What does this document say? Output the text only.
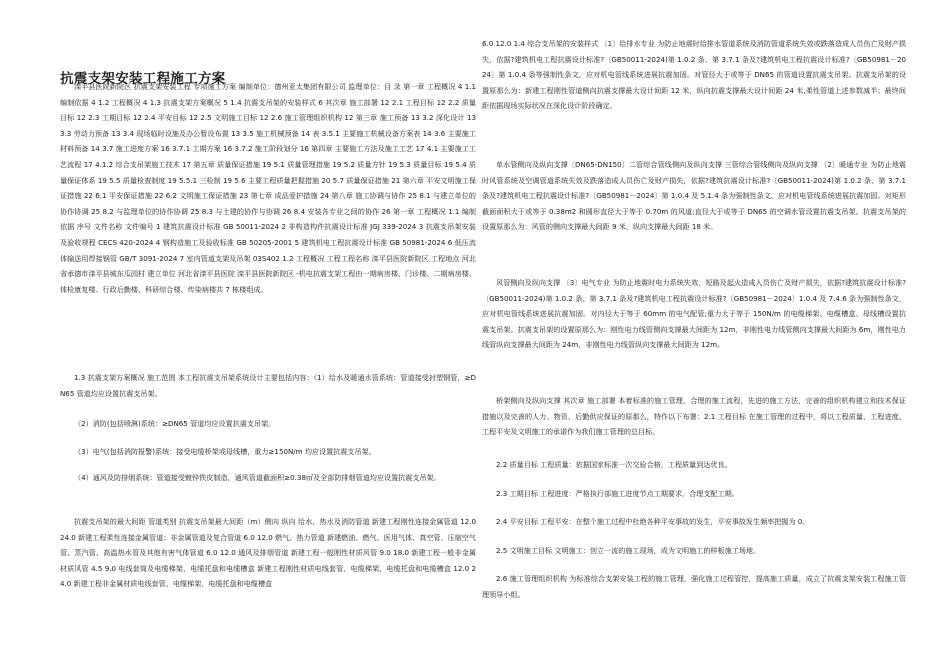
抗震支架安装工程施工方案

滦平县医院新院区 抗震支架安装工程 专项施工方案 编制单位：德州亚太集团有限公司 监理单位：目 录 第一章 工程概况 4 1.1 编制依据 4 1.2 工程概况 4 1.3 抗震支架方案概况 5 1.4 抗震支吊架的安装样式 6 其次章 施工部署 12 2.1 工程目标 12 2.2 质量目标 12 2.3 工期目标 12 2.4 平安目标 12 2.5 文明施工目标 12 2.6 施工管理组织机构 12 第三章 施工预备 13 3.2 深化设计 13 3.3 劳动力预备 13 3.4 现场临时设施及办公暂设布置 13 3.5 施工机械预备 14 表 3.5.1 主要施工机械设备方案表 14 3.6 主要施工材料预备 14 3.7 施工进度方案 16 3.7.1 工期方案 16 3.7.2 施工阶段划分 16 第四章 主要施工方法及施工工艺 17 4.1 主要施工工艺流程 17 4.1.2 综合支吊架施工技术 17 第五章 质量保证措施 19 5.1 质量管理措施 19 5.2 质量方针 19 5.3 质量目标 19 5.4 质量保证体系 19 5.5 质量检查制度 19 5.5.1 三检制 19 5.6 主要工程质量把握措施 20 5.7 质量保证措施 21 第六章 平安文明施工保证措施 22 6.1 平安保证措施 22 6.2 文明施工保证措施 23 第七章 成品爱护措施 24 第八章 施工协调与协作 25 8.1 与建立单位的协作协调 25 8.2 与监理单位的协作协调 25 8.3 与土建的协作与协调 26 8.4 安装各专业之间的协作 26 第一章 工程概况 1.1 编制依据 序号 文件名称 文件编号 1 建筑抗震设计标准 GB 50011-2024 2 非构造构件抗震设计标准 JGJ 339-2024 3 抗震支吊架安装及验收规程 CECS 420-2024 4 钢构造施工及验收标准 GB 50205-2001 5 建筑机电工程抗震设计标准 GB 50981-2024 6 低压流体输送用焊接钢管 GB/T 3091-2024 7 室内管道支架及吊架 03S402 1.2 工程概况 工程工程名称 滦平县医院新院区 工程地点 河北省承德市滦平县城东瓜园村 建立单位 河北省滦平县医院 滦平县医院新院区 -机电抗震支架工程由一期病房楼、门诊楼、二期病房楼、体检康复楼、行政后勤楼、科研综合楼、传染病楼共 7 栋楼组成。

1.3 抗震支架方案概况 施工范围 本工程抗震支吊架系统设计主要包括内容：（1）给水及暖通水管系统：管道接受衬塑钢管，≥DN65 管道均应设置抗震支吊架。

（2）消防(包括喷淋)系统：≥DN65 管道均应设置抗震支吊架。

（3）电气(包括消防报警)系统：接受电缆桥架或母线槽，重力≥150N/m 均应设置抗震支吊架。

（4）通风及防排烟系统：管道接受镀锌铁皮制造，通风管道截面积≥0.38㎡及全部防排烟管道均应设置抗震支吊架。

抗震支吊架的最大间距 管道类别 抗震支吊架最大间距（m）侧向 纵向 给水、热水及消防管道 新建工程刚性连接金属管道 12.0 24.0 新建工程柔性连接金属管道；非金属管道及复合管道 6.0 12.0 燃气、热力管道 新建燃油、燃气、医用气体、真空管、压缩空气管、蒸汽管、高温热水管及其他有害气体管道 6.0 12.0 通风及排烟管道 新建工程一般刚性材质风管 9.0 18.0 新建工程一般非金属材质风管 4.5 9.0 电线套筒及电缆梯架、电缆托盘和电缆槽盒 新建工程刚性材质电线套管、电缆梯架、电缆托盘和电缆槽盒 12.0 24.0 新建工程非金属材质电线套管、电缆梯架、电缆托盘和电缆槽盒

6.0 12.0 1.4 综合支吊架的安装样式 〔1〕给排水专业 为防止地震时给排水管道系统及消防管道系统失效或跌落造成人员伤亡及财产损失，依据?建筑机电工程抗震设计标准?〔GB50011-2024)第 1.0.2 条、第 3.7.1 条及?建筑机电工程抗震设计标准?〔GB50981－2024〕第 1.0.4 条等强制性条文，应对机电管线系统进展抗震加固。对管径大于或等于 DN65 的管道设置抗震支吊架。抗震支吊架的设置原那么为：新建工程刚性管道侧向抗震支撑最大设计间距 12 米，纵向抗震支撑最大设计间距 24 米,柔性管道上述参数减半；最终间距依据现场实际状况在深化设计阶段确定。

单水管侧向及纵向支撑〔DN65-DN150〕二管综合管线侧向及纵向支撑 三管综合管线侧向及纵向支撑 〔2〕暖通专业 为防止地震时风管系统及空调管道系统失效及跌落造成人员伤亡及财产损失，依据?建筑抗震设计标准?〔GB50011-2024)第 1.0.2 条、第 3.7.1 条及?建筑机电工程抗震设计标准?〔GB50981－2024〕第 1.0.4 及 5.1.4 条为强制性条文，应对机电管线系统进展抗震加固。对矩形截面面积大于或等于 0.38m2 和圆形直径大于等于 0.70m 的风道;直径大于或等于 DN65 的空调水管设置抗震支吊架。抗震支吊架的设置原那么为：风管的侧向支撑最大间距 9 米，纵向支撑最大间距 18 米。

风管侧向及纵向支撑 〔3〕电气专业 为防止地震时电力系统失效、短路及起火造成人员伤亡及财产损失，依据?建筑抗震设计标准?〔GB50011-2024)第 1.0.2 条、第 3.7.1 条及?建筑机电工程抗震设计标准?〔GB50981－2024〕1.0.4 及 7.4.6 条为强制性条文，应对机电管线系统进展抗震加固。对内径大于等于 60mm 的电气配管;重力大于等于 150N/m 的电缆梯架、电缆槽盒、母线槽设置抗震支吊架。抗震支吊架的设置原那么为：刚性电力线管侧向支撑最大间距为 12m，非刚性电力线管侧向支撑最大间距为 6m，刚性电力线管纵向支撑最大间距为 24m，非刚性电力线管纵向支撑最大间距为 12m。

桥架侧向及纵向支撑 其次章 施工部署 本着标准的施工管理，合理的施工流程，先进的施工方法，完善的组织机构建立和技术保证措施以及完善的人力、物资、后勤供应保证的原那么，特作以下布署：2.1 工程目标 在施工管理的过程中，将以工程质量、工程进度、工程平安及文明施工的承诺作为我们施工管理的总目标。

2.2 质量目标 工程质量：依据国家标准一次交验合格，工程质量到达优良。

2.3 工期目标 工程进度：严格执行部施工进度节点工期要求，合理支配工期。

2.4 平安目标 工程平安：在整个施工过程中杜绝各种平安事故的发生，平安事故发生频率把握为 0。

2.5 文明施工目标 文明施工：创立一流的施工现场，成为文明施工的样板施工场地。

2.6 施工管理组织机构 为标准综合支架安装工程的施工管理，强化施工过程管控，提高施工质量，成立了抗震支架安装工程施工管理领导小组。
